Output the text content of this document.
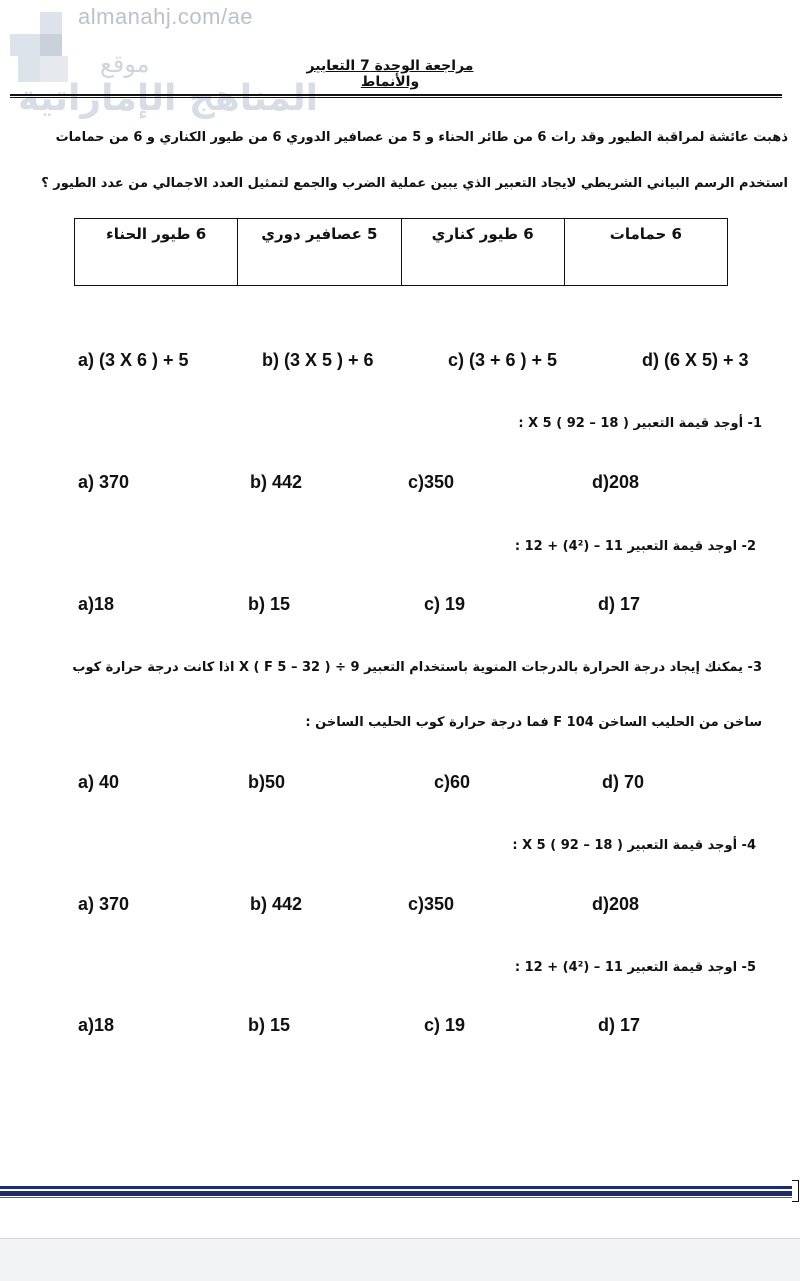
almanahj.com/ae
موقع
المناهج الإماراتية
مراجعة الوحدة 7 التعابير والأنماط
ذهبت عائشة لمراقبة الطيور وقد رات 6 من طائر الحناء و 5 من عصافير الدوري 6 من طيور الكناري و 6 من حمامات
استخدم الرسم البياني الشريطي لايجاد التعبير الذي يبين عملية الضرب والجمع لتمثيل العدد الاجمالي من عدد الطيور ؟
6 حمامات	6 طيور كناري	5 عصافير دوري	6 طيور الحناء
a) (3 X 6 ) + 5	b) (3 X 5 ) + 6	c) (3 + 6 ) + 5	d) (6 X 5) + 3
1- أوجد قيمة التعبير ( 18 – 92 ) X 5 :
a) 370	b) 442	c)350	d)208
2- اوجد قيمة التعبير 11 – (4²) + 12 :
a)18	b) 15	c) 19	d) 17
3- يمكنك إيجاد درجة الحرارة بالدرجات المنوية باستخدام التعبير 9 ÷ ( 32 – 5 X ( F اذا كانت درجة حرارة كوب
ساخن من الحليب الساخن 104 F فما درجة حرارة كوب الحليب الساخن :
a) 40	b)50	c)60	d) 70
4- أوجد قيمة التعبير ( 18 – 92 ) X 5 :
a) 370	b) 442	c)350	d)208
5- اوجد قيمة التعبير 11 – (4²) + 12 :
a)18	b) 15	c) 19	d) 17
